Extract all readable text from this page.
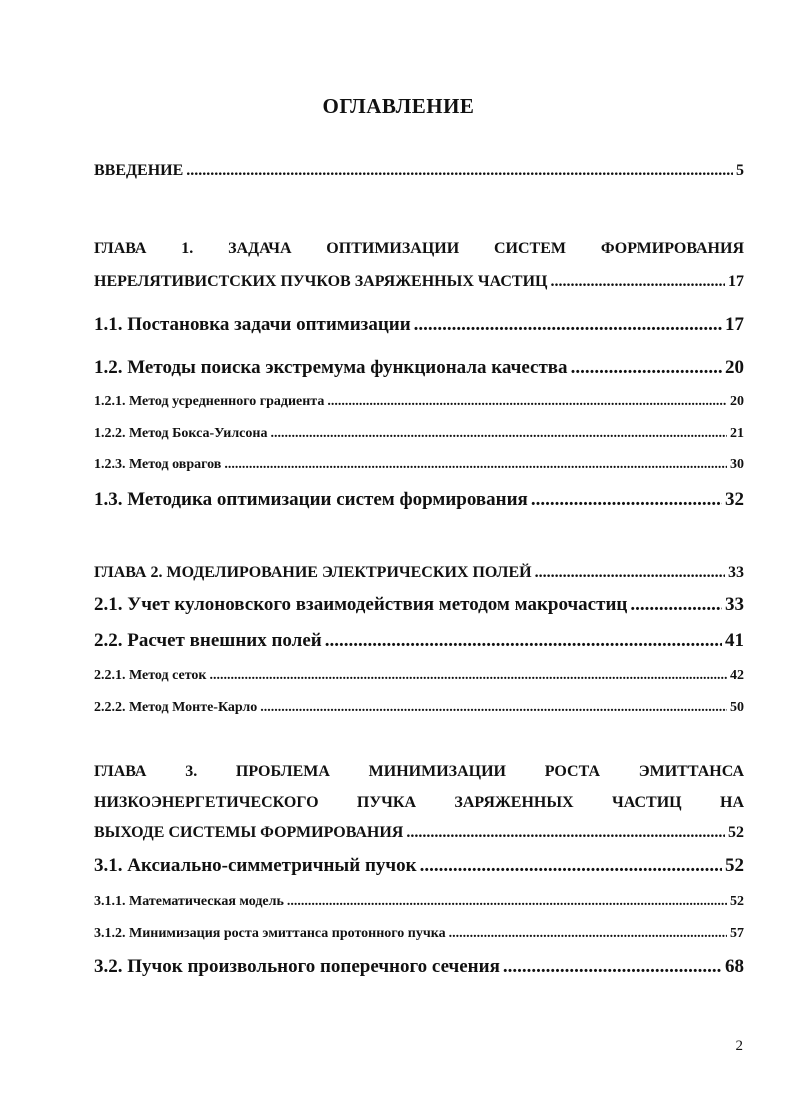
ОГЛАВЛЕНИЕ
ВВЕДЕНИЕ .....	5
ГЛАВА 1. ЗАДАЧА ОПТИМИЗАЦИИ СИСТЕМ ФОРМИРОВАНИЯ
НЕРЕЛЯТИВИСТСКИХ ПУЧКОВ ЗАРЯЖЕННЫХ ЧАСТИЦ .....	17
1.1. Постановка задачи оптимизации .....	17
1.2. Методы поиска экстремума функционала качества .....	20
1.2.1. Метод усредненного градиента .....	20
1.2.2. Метод Бокса-Уилсона .....	21
1.2.3. Метод оврагов .....	30
1.3. Методика оптимизации систем формирования .....	32
ГЛАВА 2. МОДЕЛИРОВАНИЕ ЭЛЕКТРИЧЕСКИХ ПОЛЕЙ .....	33
2.1. Учет кулоновского взаимодействия методом макрочастиц .....	33
2.2. Расчет внешних полей .....	41
2.2.1. Метод сеток .....	42
2.2.2. Метод Монте-Карло .....	50
ГЛАВА 3. ПРОБЛЕМА МИНИМИЗАЦИИ РОСТА ЭМИТТАНСА
НИЗКОЭНЕРГЕТИЧЕСКОГО ПУЧКА ЗАРЯЖЕННЫХ ЧАСТИЦ НА
ВЫХОДЕ СИСТЕМЫ ФОРМИРОВАНИЯ .....	52
3.1. Аксиально-симметричный пучок .....	52
3.1.1. Математическая модель .....	52
3.1.2. Минимизация роста эмиттанса протонного пучка .....	57
3.2. Пучок произвольного поперечного сечения .....	68
2
